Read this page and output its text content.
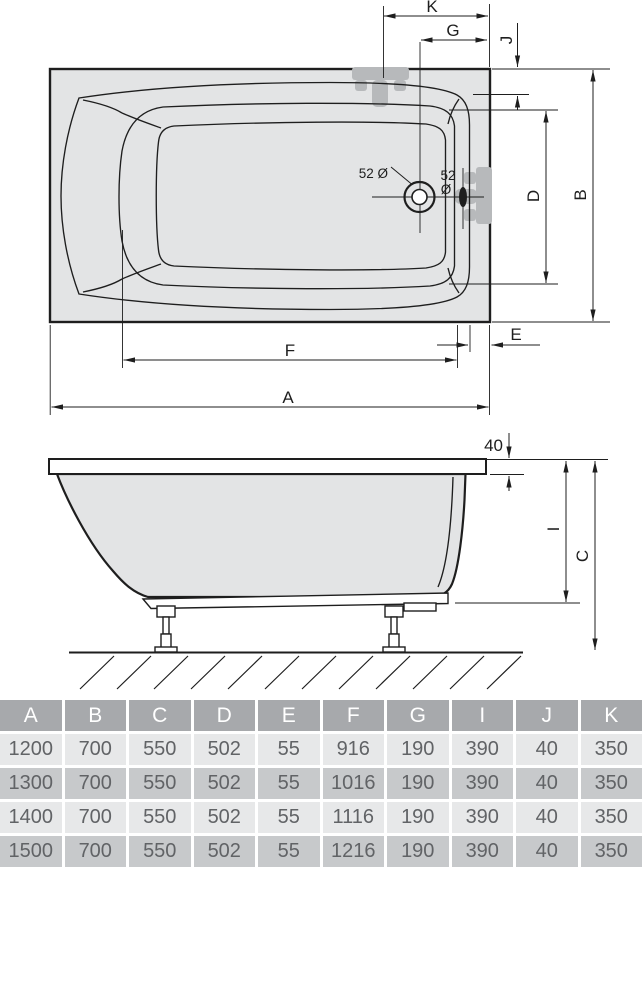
52 Ø	52
Ø
K
G J
B
D
E
F
A
40
I
C
A	B	C	D	E	F	G	I	J	K
1200	700	550	502	55	916	190	390	40	350
1300	700	550	502	55	1016	190	390	40	350
1400	700	550	502	55	1116	190	390	40	350
1500	700	550	502	55	1216	190	390	40	350
